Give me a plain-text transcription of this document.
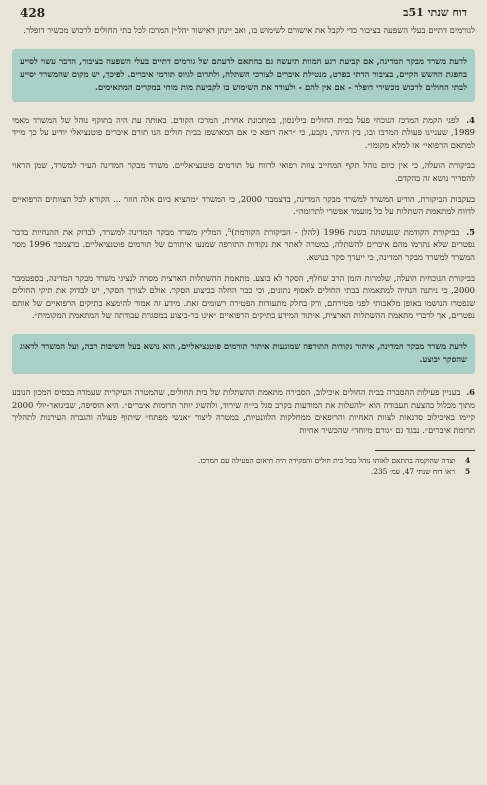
428	דוח שנתי 51ב

לגורמים דתיים בעלי השפעה בציבור כדי לקבל את אישורם לשימוש בו, ואב יינתן דאישור יהל׳ין המרכז לכל בתי החולים לרכוש מכשיר דופלר.

לדעת משרד מבקר המדינה, אם קביעת רגע המוות תיעשה גם בהתאם לדעתם של גורמים דתיים בעלי השפעה בציבור, הדבר עשוי לסייע בהפגת החשש הקיים, בציבור הדתי בפרט, מנטילת איברים לצורכי השתלה, ולתרום לגיוס תורמי איברים. לפיכך, יש מקום שהמשרד יסייע לבתי החולים לרכוש מכשירי דופלר - אם אין להם - ולעודד את השימוש בו לקביעת מות מוחי במקרים המתאימים.

4. לפני הקמת המרכז הנוכחי פעל בבית החולים בילינסון, במתכונת אחרת, המרכז הקודם. באותה עת היה בתוקף נוהל של המשרד מאמי 1989, שעניינו פעולת המרכז ובו, בין היתר, נקבע, כי ״ראה רופא כי אם המאושפז בבית חולים הנו תורם איברים פוטנציאלי יודיע על כך מייד למתאם הרפואי״ או למלא מקומו״.

בביקורת הועלה, כי אין כיום נוהל תקף המחייב צוות רפואי לדווח על תורמים פוטנציאליים. משרד מבקר המדינה העיר למשרד, שמן הראוי להסדיר נושא זה בהקדם.

בעקבות הביקורת, הודיע המשרד למשרד מבקר המדינה, בדצמבר 2000, כי המשרד ״מהציא ביום אלה חוזר ... הקורא לכל הצוותים הרפואיים לדווח למתאמת השתלות על כל מועמד אפשרי לתרומה״.

5. בביקורת הקודמת שנעשתה בשנת 1996 (להלן - הביקורת הקודמת)⁵, המליץ משרד מבקר המדינה למשרד, לבדוק את ההנחיות בדבר נפטרים שלא נתרמו מהם איברים להשתלה, במטרה לאתר את נקודות התורפה שמנעו איתורם של תורמים פוטנציאליים. בדצמבר 1996 מסר המשרד למשרד מבקר המדינה, כי ייערך סקר בנושא.

בביקורת הנוכחית הועלה, שלמרות הזמן הרב שחלף, הסקר לא בוצע. מתאמת ההשתלות הארצית מסרה לנציגי משרד מבקר המדינה, בספטמבר 2000, כי ניתנה הנחיה למתאמות בבתי החולים לאסוף נתונים, וכי כבר החלה בביצוע הסקר. אולם לצורך הסקר, יש לבדוק את תיקי החולים שנפטרו הנושמו באופן מלאכותי לפני פטירתם, ורק בחלק מתעודות הפטירה רשומים זאת. מידע זה אמור להימצא בתיקים הרפואיים של אותם נפטרים, אך לדברי מתאמת ההשתלות הארצית, איתור המידע בתיקים הרפואיים ״אינו בר-ביצוע במסגרת עבודתה של המתאמת המקומית״.

לדעת משרד מבקר המדינה, איתור נקודות התורפה שמונעות איתור תורמים פוטנציאליים, הוא נושא בעל חשיבות רבה, ועל המשרד לדאוג שהסקר יבוצע.

6. בעניין פעילות ההסברה בבית החולים איכילוב, הסבירה מתאמת ההשתלות של בית החולים, שהמטרה העיקרית שעמדה בבסיס המכון הנובע מתוך מכלול בהצעת תעבודה הוא ״להעלות את המודעות בקרב סגל בי״ח שירוד, ולהשיג יותר תרומות איברים״. היא הוסיפה, שבינואר-יולי 2000 קיימו באיכילוב סדנאות לצוות האחיות והרופאים ממחלקות הלוונטיות, במטרה ליצור ״אנשי מפתח״ שיתוף פעולה והגברה העירנות לתהליך תרומת איברים״. נבגד גם ״גורם מיוחד״ שהכשיר אחיות

4
וצדה שהוקמה בהתאם לאותו נוהל בכל בית חולים והפקידה היה תיאום הפעילה עם המרכז.
5
ראו דוח שנתי 47, עמ׳ 235.
